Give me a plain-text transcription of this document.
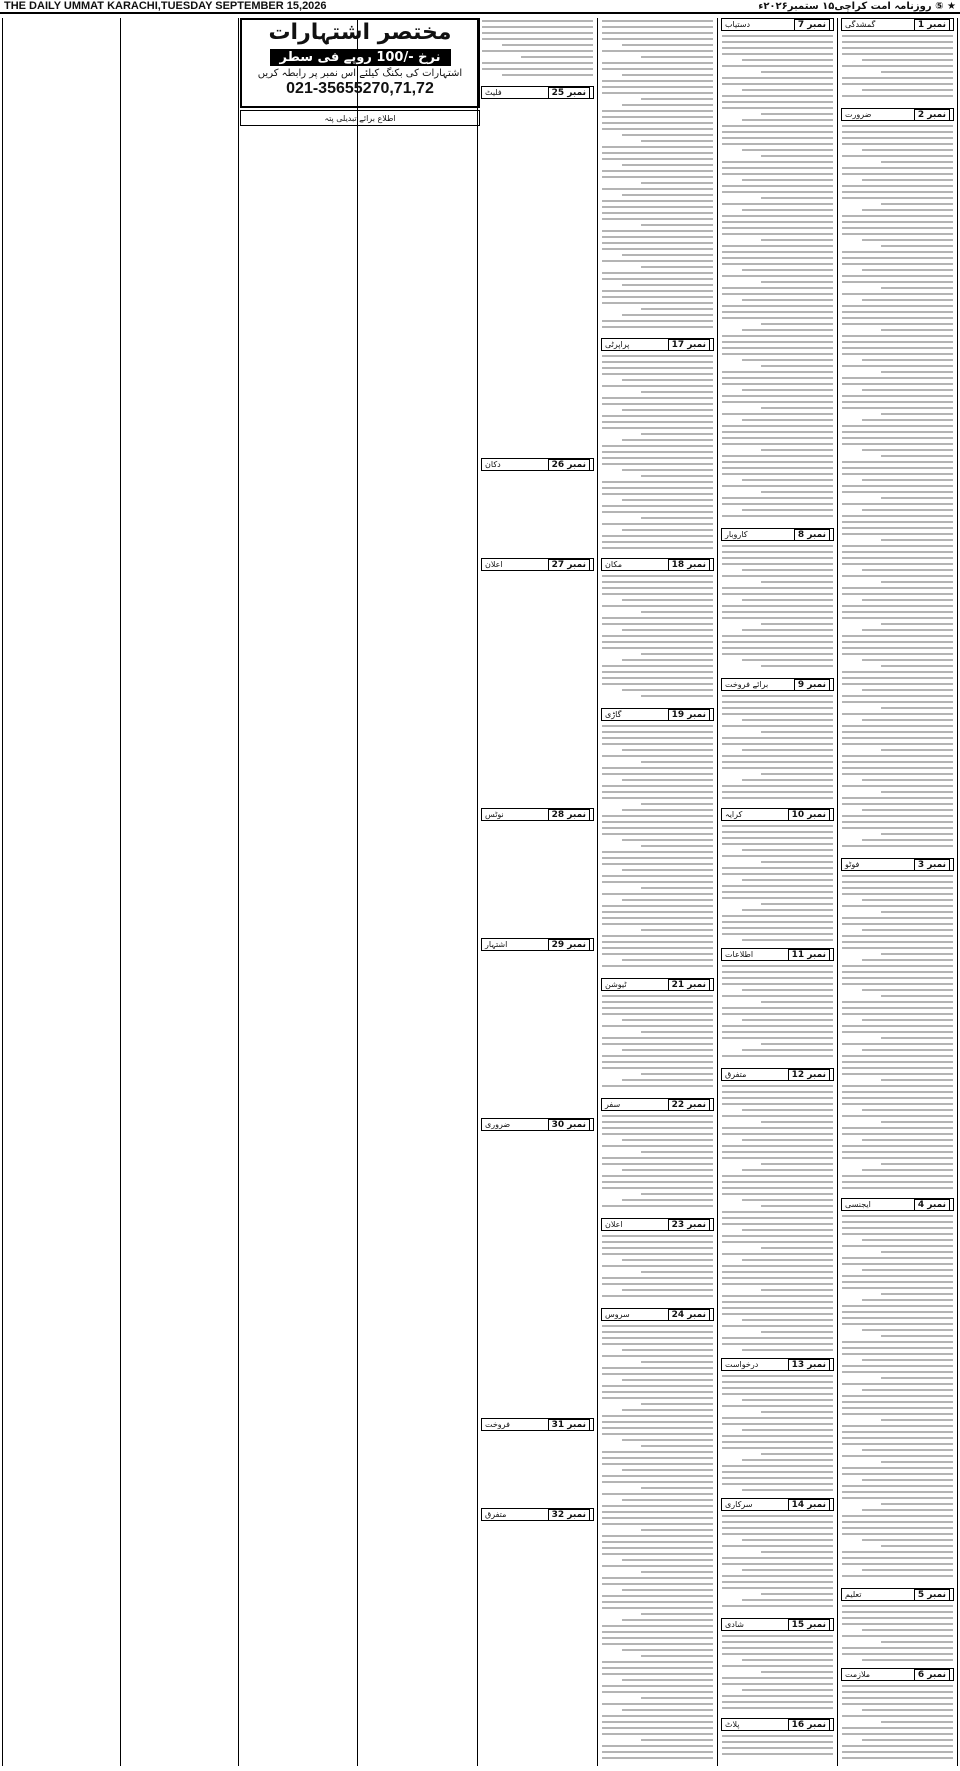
THE DAILY UMMAT KARACHI,TUESDAY SEPTEMBER 15,2026	★ ⑤ روزنامہ امت کراچی۱۵ ستمبر۲۰۲۶ء
فلیٹ	نمبر 25
دکان	نمبر 26
اعلان	نمبر 27
نوٹس	نمبر 28
اشتہار	نمبر 29
ضروری	نمبر 30
فروخت	نمبر 31
متفرق	نمبر 32
پراپرٹی	نمبر 17
مکان	نمبر 18
گاڑی	نمبر 19
ٹیوشن	نمبر 21
سفر	نمبر 22
اعلان	نمبر 23
سروس	نمبر 24
دستیاب	نمبر 7
کاروبار	نمبر 8
برائے فروخت	نمبر 9
کرایہ	نمبر 10
اطلاعات	نمبر 11
متفرق	نمبر 12
درخواست	نمبر 13
سرکاری	نمبر 14
شادی	نمبر 15
پلاٹ	نمبر 16
گمشدگی	نمبر 1
ضرورت	نمبر 2
فوٹو	نمبر 3
ایجنسی	نمبر 4
تعلیم	نمبر 5
ملازمت	نمبر 6
مختصر اشتہارات
نرخ -/100 روپے فی سطر
اشتہارات کی بکنگ کیلئے اس نمبر پر رابطہ کریں
021-35655270,71,72
اطلاع برائے تبدیلی پتہ
